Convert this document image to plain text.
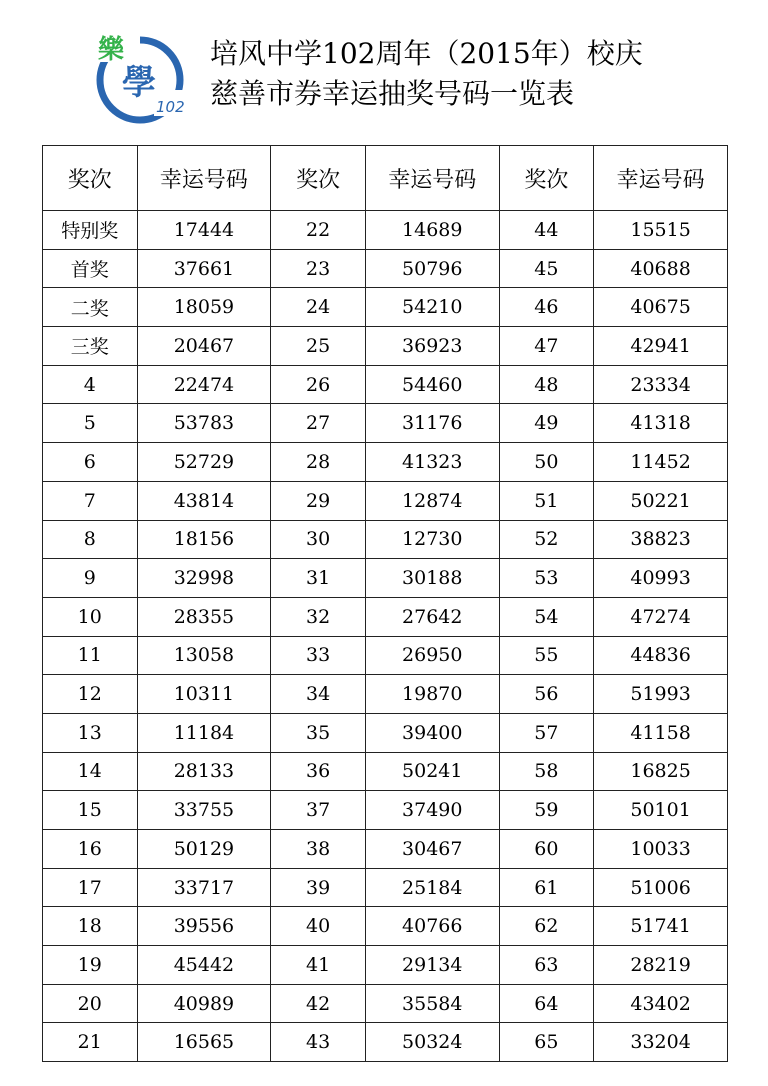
樂
學
102
培风中学102周年（2015年）校庆
慈善市券幸运抽奖号码一览表
奖次	幸运号码	奖次	幸运号码	奖次	幸运号码
特别奖	17444	22	14689	44	15515
首奖	37661	23	50796	45	40688
二奖	18059	24	54210	46	40675
三奖	20467	25	36923	47	42941
4	22474	26	54460	48	23334
5	53783	27	31176	49	41318
6	52729	28	41323	50	11452
7	43814	29	12874	51	50221
8	18156	30	12730	52	38823
9	32998	31	30188	53	40993
10	28355	32	27642	54	47274
11	13058	33	26950	55	44836
12	10311	34	19870	56	51993
13	11184	35	39400	57	41158
14	28133	36	50241	58	16825
15	33755	37	37490	59	50101
16	50129	38	30467	60	10033
17	33717	39	25184	61	51006
18	39556	40	40766	62	51741
19	45442	41	29134	63	28219
20	40989	42	35584	64	43402
21	16565	43	50324	65	33204
